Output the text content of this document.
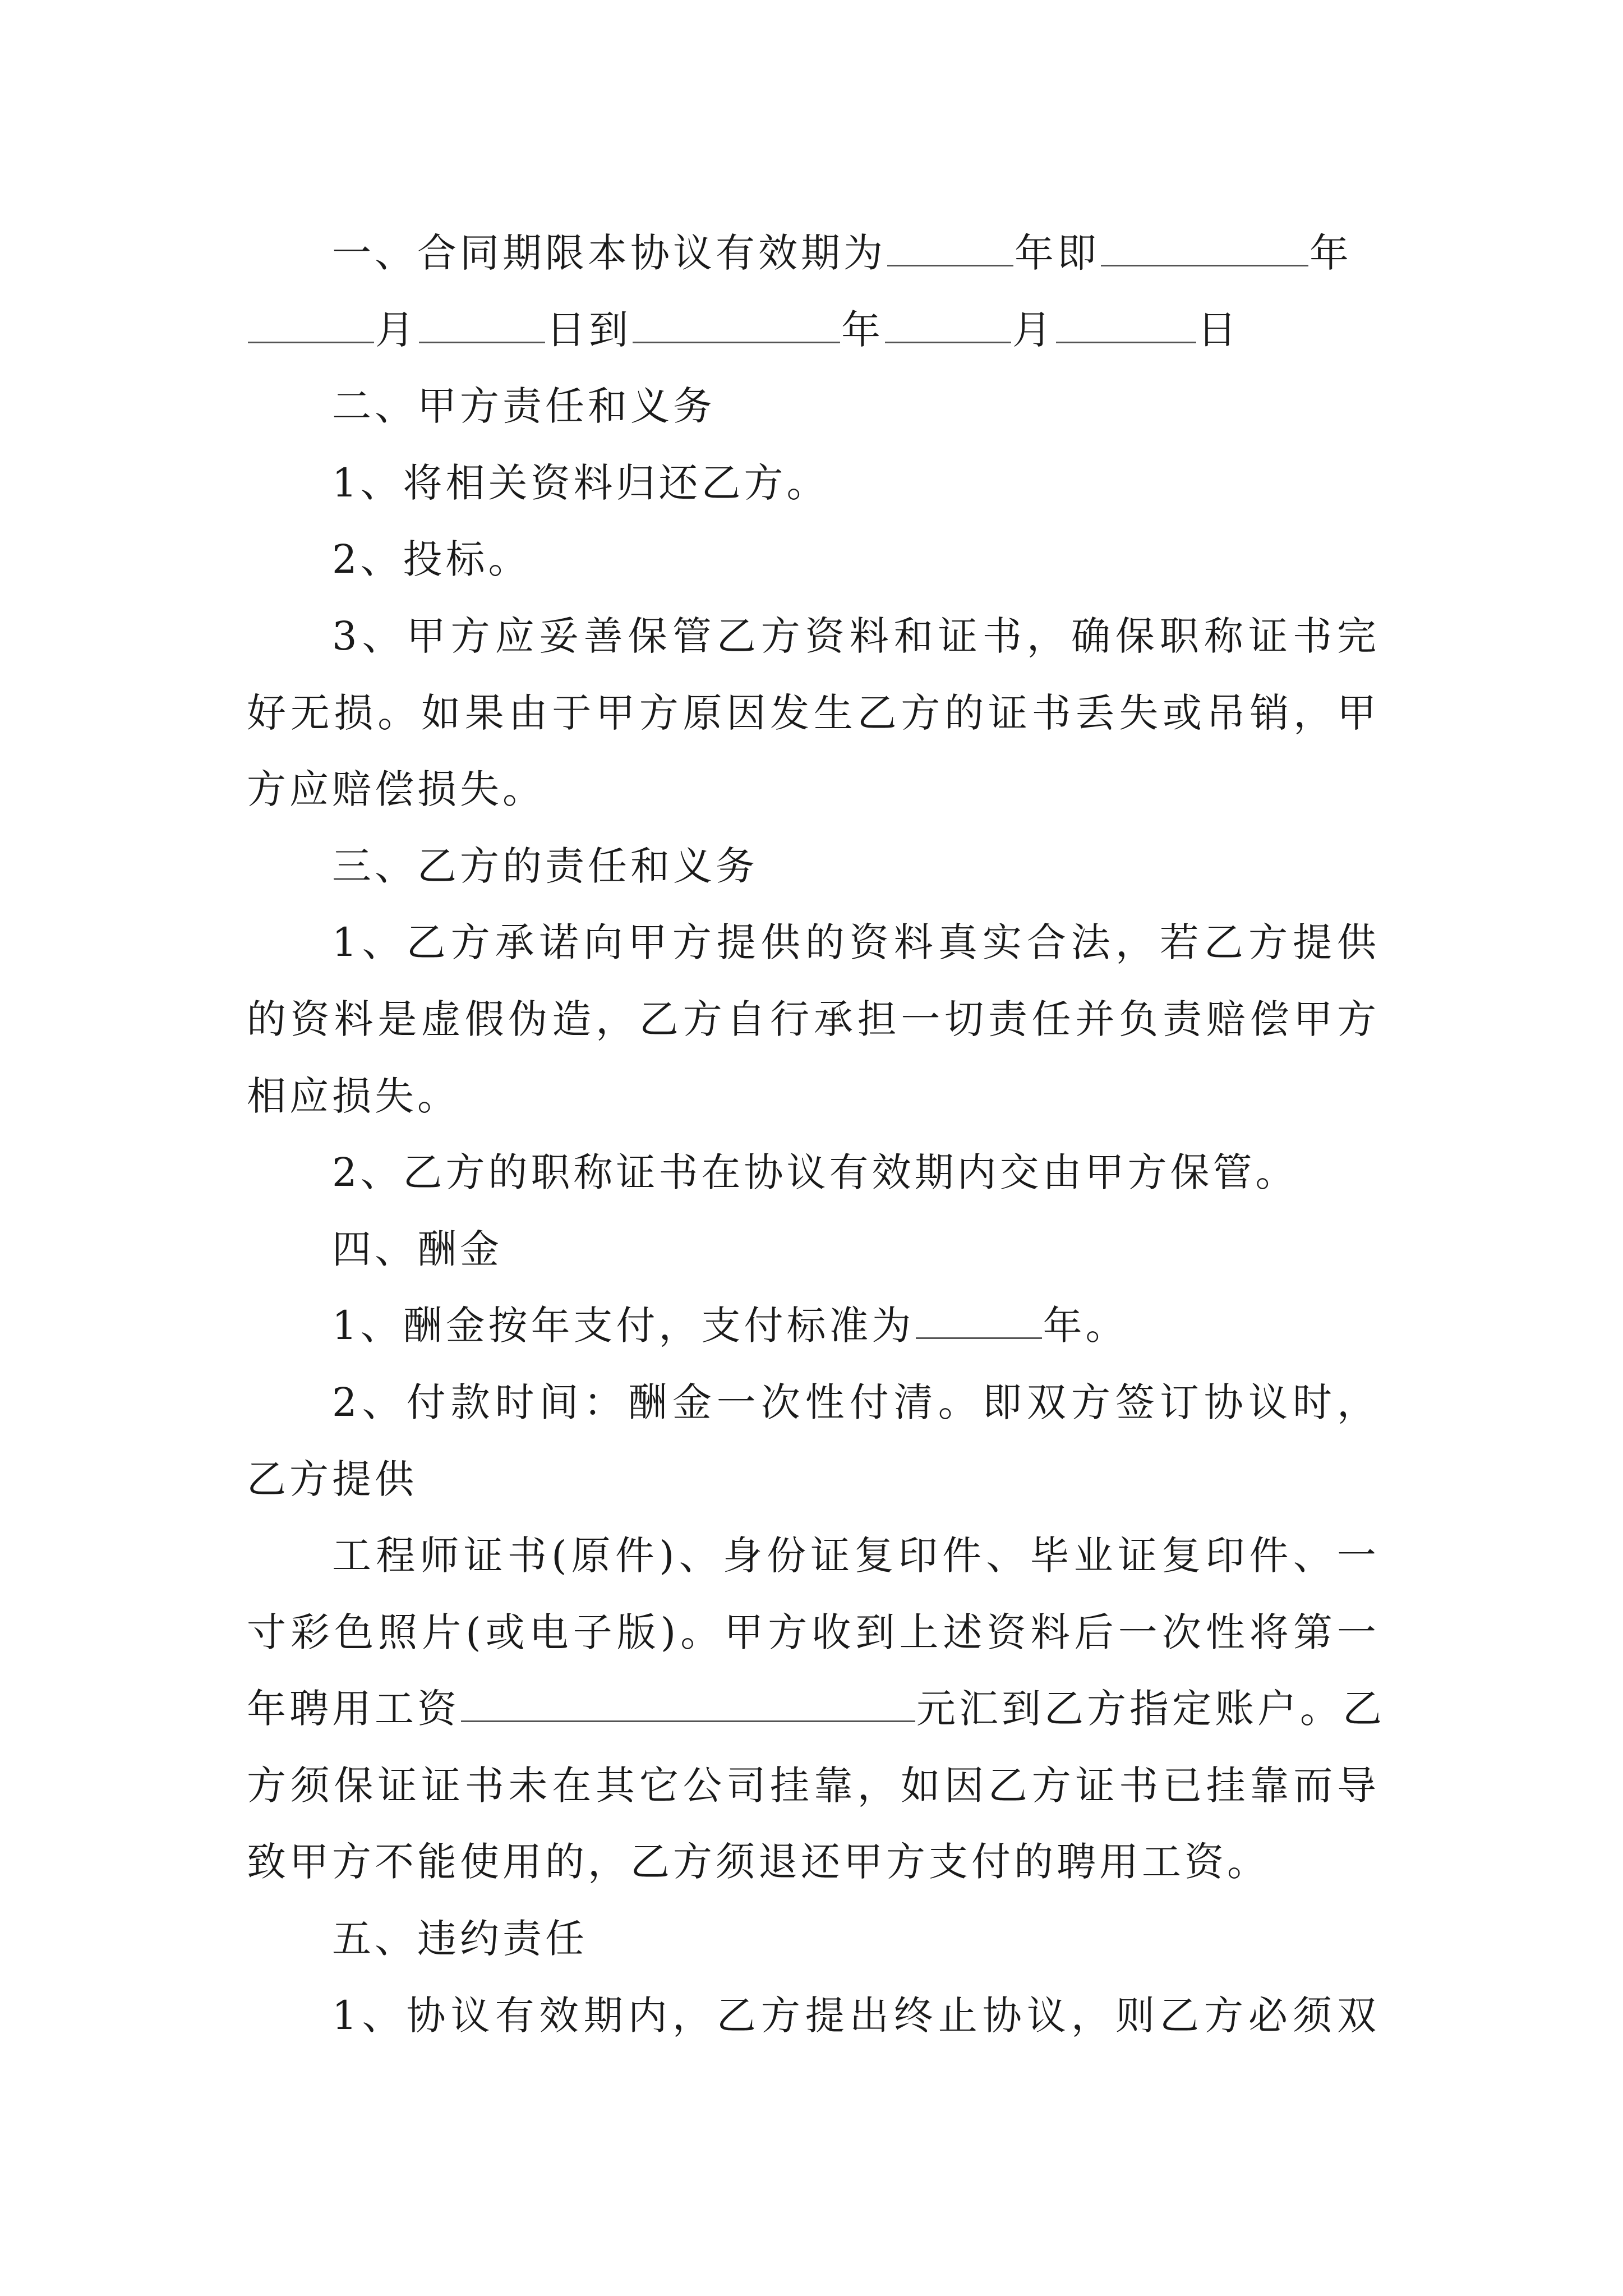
一、合同期限本协议有效期为	年即	年
月	日到	年	月	日
二、甲方责任和义务
1、将相关资料归还乙方。
2、投标。
3、甲方应妥善保管乙方资料和证书，确保职称证书完
好无损。如果由于甲方原因发生乙方的证书丢失或吊销，甲
方应赔偿损失。
三、乙方的责任和义务
1、乙方承诺向甲方提供的资料真实合法，若乙方提供
的资料是虚假伪造，乙方自行承担一切责任并负责赔偿甲方
相应损失。
2、乙方的职称证书在协议有效期内交由甲方保管。
四、酬金
1、酬金按年支付，支付标准为	年。
2、付款时间：酬金一次性付清。即双方签订协议时，
乙方提供
工程师证书(原件)、身份证复印件、毕业证复印件、一
寸彩色照片(或电子版)。甲方收到上述资料后一次性将第一
年聘用工资	元汇到乙方指定账户。乙
方须保证证书未在其它公司挂靠，如因乙方证书已挂靠而导
致甲方不能使用的，乙方须退还甲方支付的聘用工资。
五、违约责任
1、协议有效期内，乙方提出终止协议，则乙方必须双
